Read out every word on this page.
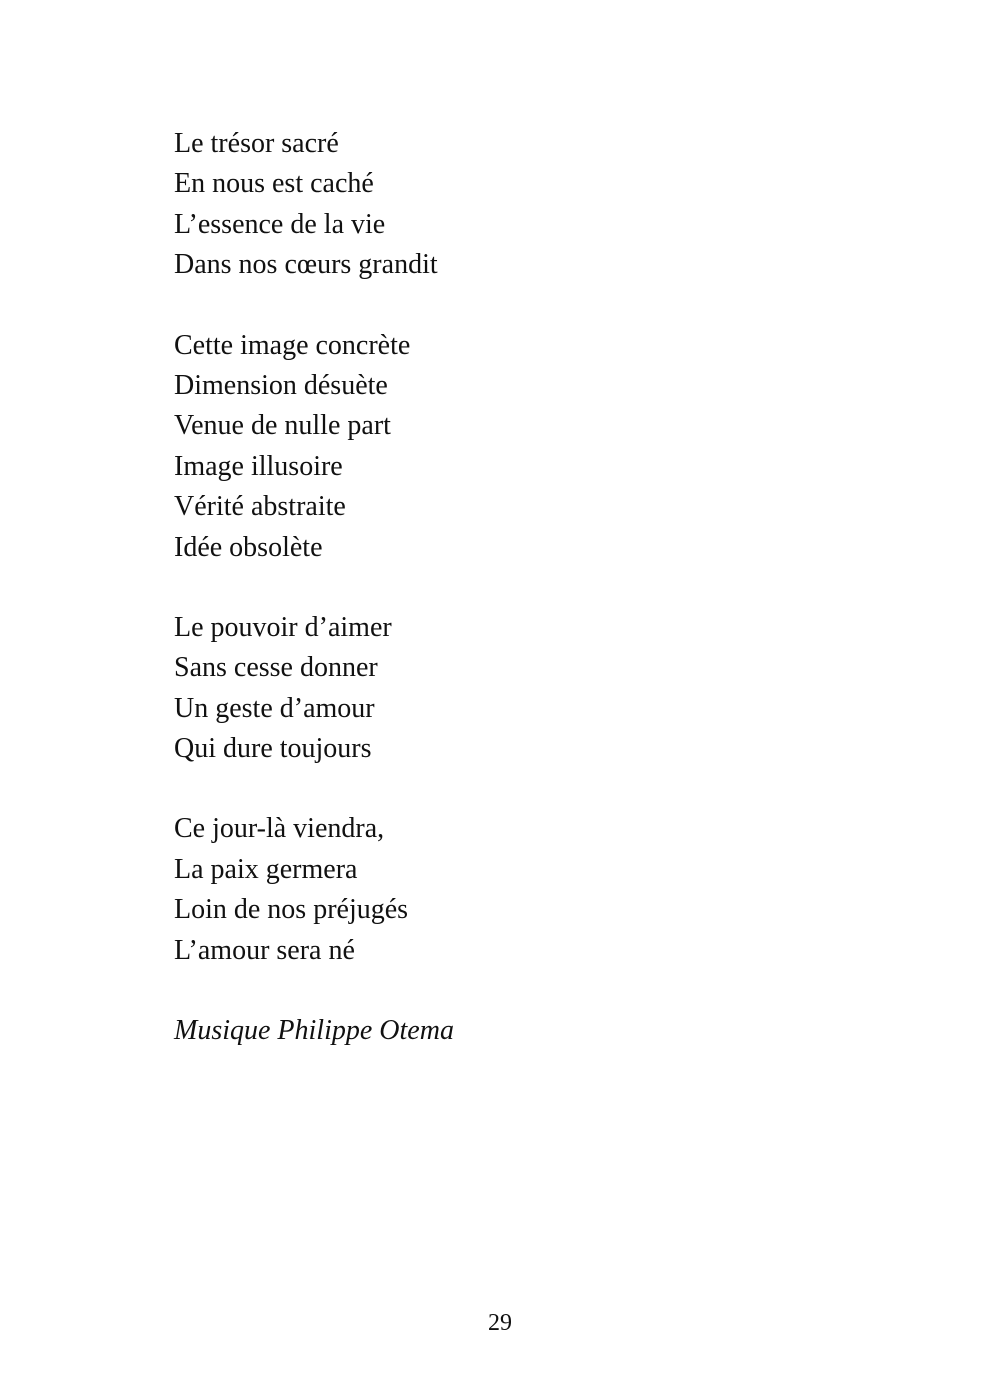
Le trésor sacré
En nous est caché
L’essence de la vie
Dans nos cœurs grandit
Cette image concrète
Dimension désuète
Venue de nulle part
Image illusoire
Vérité abstraite
Idée obsolète
Le pouvoir d’aimer
Sans cesse donner
Un geste d’amour
Qui dure toujours
Ce jour-là viendra,
La paix germera
Loin de nos préjugés
L’amour sera né
Musique Philippe Otema
29
